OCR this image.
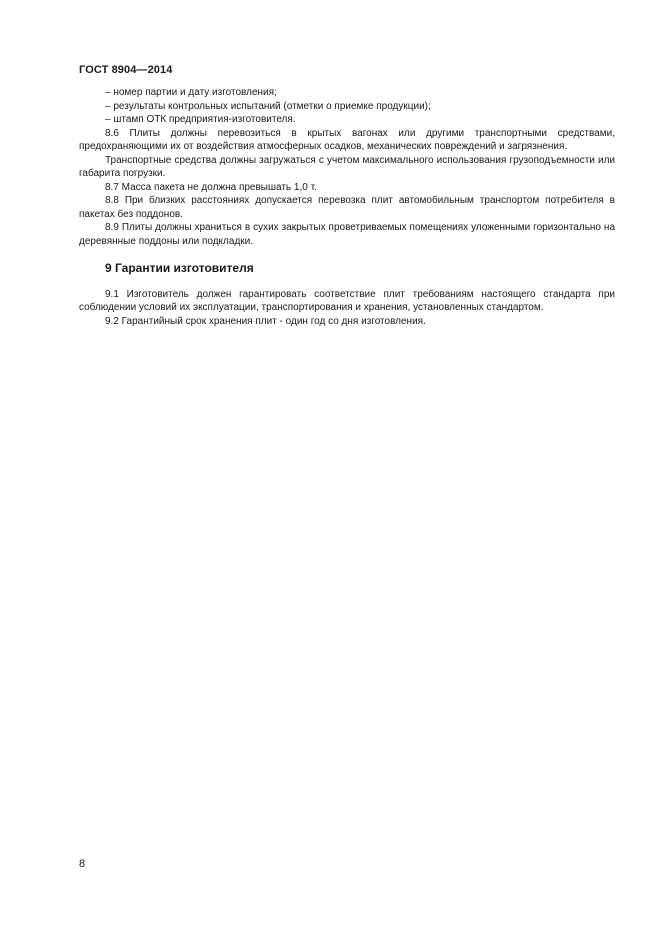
ГОСТ 8904—2014

– номер партии и дату изготовления;

– результаты контрольных испытаний (отметки о приемке продукции);

– штамп ОТК предприятия-изготовителя.

8.6 Плиты должны перевозиться в крытых вагонах или другими транспортными средствами, предохраняющими их от воздействия атмосферных осадков, механических повреждений и загрязнения.

Транспортные средства должны загружаться с учетом максимального использования грузоподъемности или габарита погрузки.

8.7 Масса пакета не должна превышать 1,0 т.

8.8 При близких расстояниях допускается перевозка плит автомобильным транспортом потребителя в пакетах без поддонов.

8.9 Плиты должны храниться в сухих закрытых проветриваемых помещениях уложенными горизонтально на деревянные поддоны или подкладки.

9 Гарантии изготовителя

9.1 Изготовитель должен гарантировать соответствие плит требованиям настоящего стандарта при соблюдении условий их эксплуатации, транспортирования и хранения, установленных стандартом.

9.2 Гарантийный срок хранения плит - один год со дня изготовления.

8
